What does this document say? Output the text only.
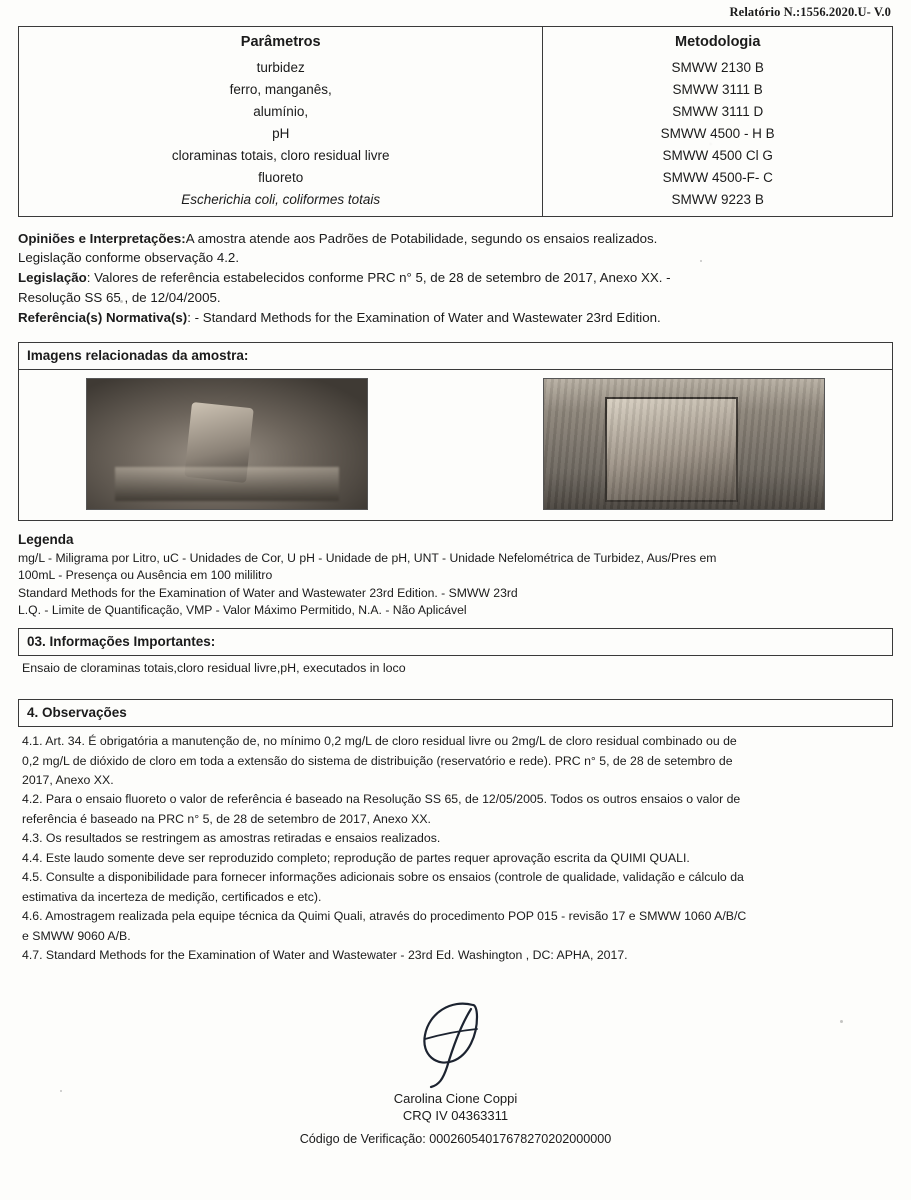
Relatório N.:1556.2020.U- V.0
Parâmetros	Metodologia
turbidez	SMWW 2130 B
ferro, manganês,	SMWW 3111 B
alumínio,	SMWW 3111 D
pH	SMWW 4500 - H B
cloraminas totais, cloro residual livre	SMWW 4500 Cl G
fluoreto	SMWW 4500-F- C
Escherichia coli, coliformes totais	SMWW 9223 B

Opiniões e Interpretações:A amostra atende aos Padrões de Potabilidade, segundo os ensaios realizados.

Legislação conforme observação 4.2.

Legislação: Valores de referência estabelecidos conforme PRC n° 5, de 28 de setembro de 2017, Anexo XX. -

Resolução SS 65 , de 12/04/2005.

Referência(s) Normativa(s): - Standard Methods for the Examination of Water and Wastewater 23rd Edition.

Imagens relacionadas da amostra:
Legenda

mg/L - Miligrama por Litro, uC - Unidades de Cor, U pH - Unidade de pH, UNT - Unidade Nefelométrica de Turbidez, Aus/Pres em

100mL - Presença ou Ausência em 100 mililitro

Standard Methods for the Examination of Water and Wastewater 23rd Edition. - SMWW 23rd

L.Q. - Limite de Quantificação, VMP - Valor Máximo Permitido, N.A. - Não Aplicável

03. Informações Importantes:
Ensaio de cloraminas totais,cloro residual livre,pH, executados in loco
4. Observações

4.1. Art. 34. É obrigatória a manutenção de, no mínimo 0,2 mg/L de cloro residual livre ou 2mg/L de cloro residual combinado ou de

0,2 mg/L de dióxido de cloro em toda a extensão do sistema de distribuição (reservatório e rede). PRC n° 5, de 28 de setembro de

2017, Anexo XX.

4.2. Para o ensaio fluoreto o valor de referência é baseado na Resolução SS 65, de 12/05/2005. Todos os outros ensaios o valor de

referência é baseado na PRC n° 5, de 28 de setembro de 2017, Anexo XX.

4.3. Os resultados se restringem as amostras retiradas e ensaios realizados.

4.4. Este laudo somente deve ser reproduzido completo; reprodução de partes requer aprovação escrita da QUIMI QUALI.

4.5. Consulte a disponibilidade para fornecer informações adicionais sobre os ensaios (controle de qualidade, validação e cálculo da

estimativa da incerteza de medição, certificados e etc).

4.6. Amostragem realizada pela equipe técnica da Quimi Quali, através do procedimento POP 015 - revisão 17 e SMWW 1060 A/B/C

e SMWW 9060 A/B.

4.7. Standard Methods for the Examination of Water and Wastewater - 23rd Ed. Washington , DC: APHA, 2017.

Carolina Cione Coppi
CRQ IV 04363311
Código de Verificação: 00026054017678270202000000
